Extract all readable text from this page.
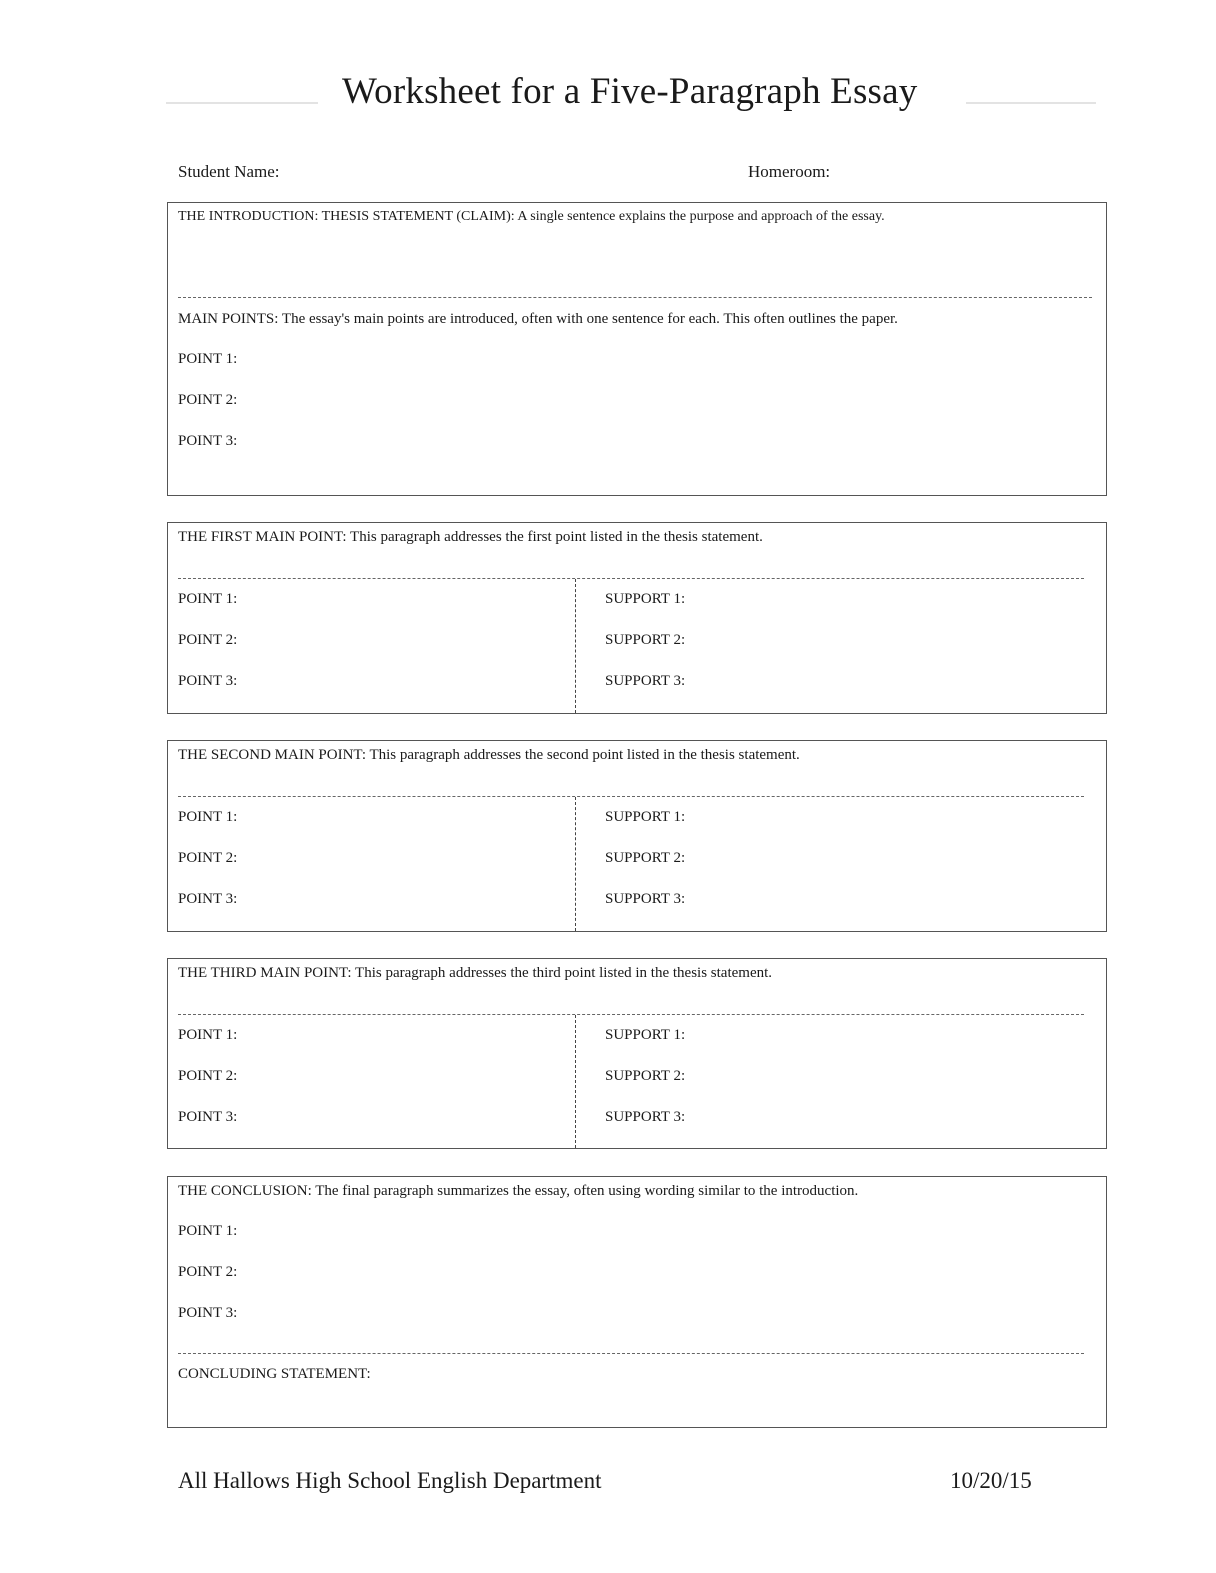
Worksheet for a Five-Paragraph Essay
Student Name:	Homeroom:
THE INTRODUCTION: THESIS STATEMENT (CLAIM): A single sentence explains the purpose and approach of the essay.
MAIN POINTS: The essay's main points are introduced, often with one sentence for each. This often outlines the paper.
POINT 1:
POINT 2:
POINT 3:
THE FIRST MAIN POINT: This paragraph addresses the first point listed in the thesis statement.
POINT 1:
POINT 2:
POINT 3:
SUPPORT 1:
SUPPORT 2:
SUPPORT 3:
THE SECOND MAIN POINT: This paragraph addresses the second point listed in the thesis statement.
POINT 1:
POINT 2:
POINT 3:
SUPPORT 1:
SUPPORT 2:
SUPPORT 3:
THE THIRD MAIN POINT: This paragraph addresses the third point listed in the thesis statement.
POINT 1:
POINT 2:
POINT 3:
SUPPORT 1:
SUPPORT 2:
SUPPORT 3:
THE CONCLUSION: The final paragraph summarizes the essay, often using wording similar to the introduction.
POINT 1:
POINT 2:
POINT 3:
CONCLUDING STATEMENT:
All Hallows High School English Department	10/20/15
